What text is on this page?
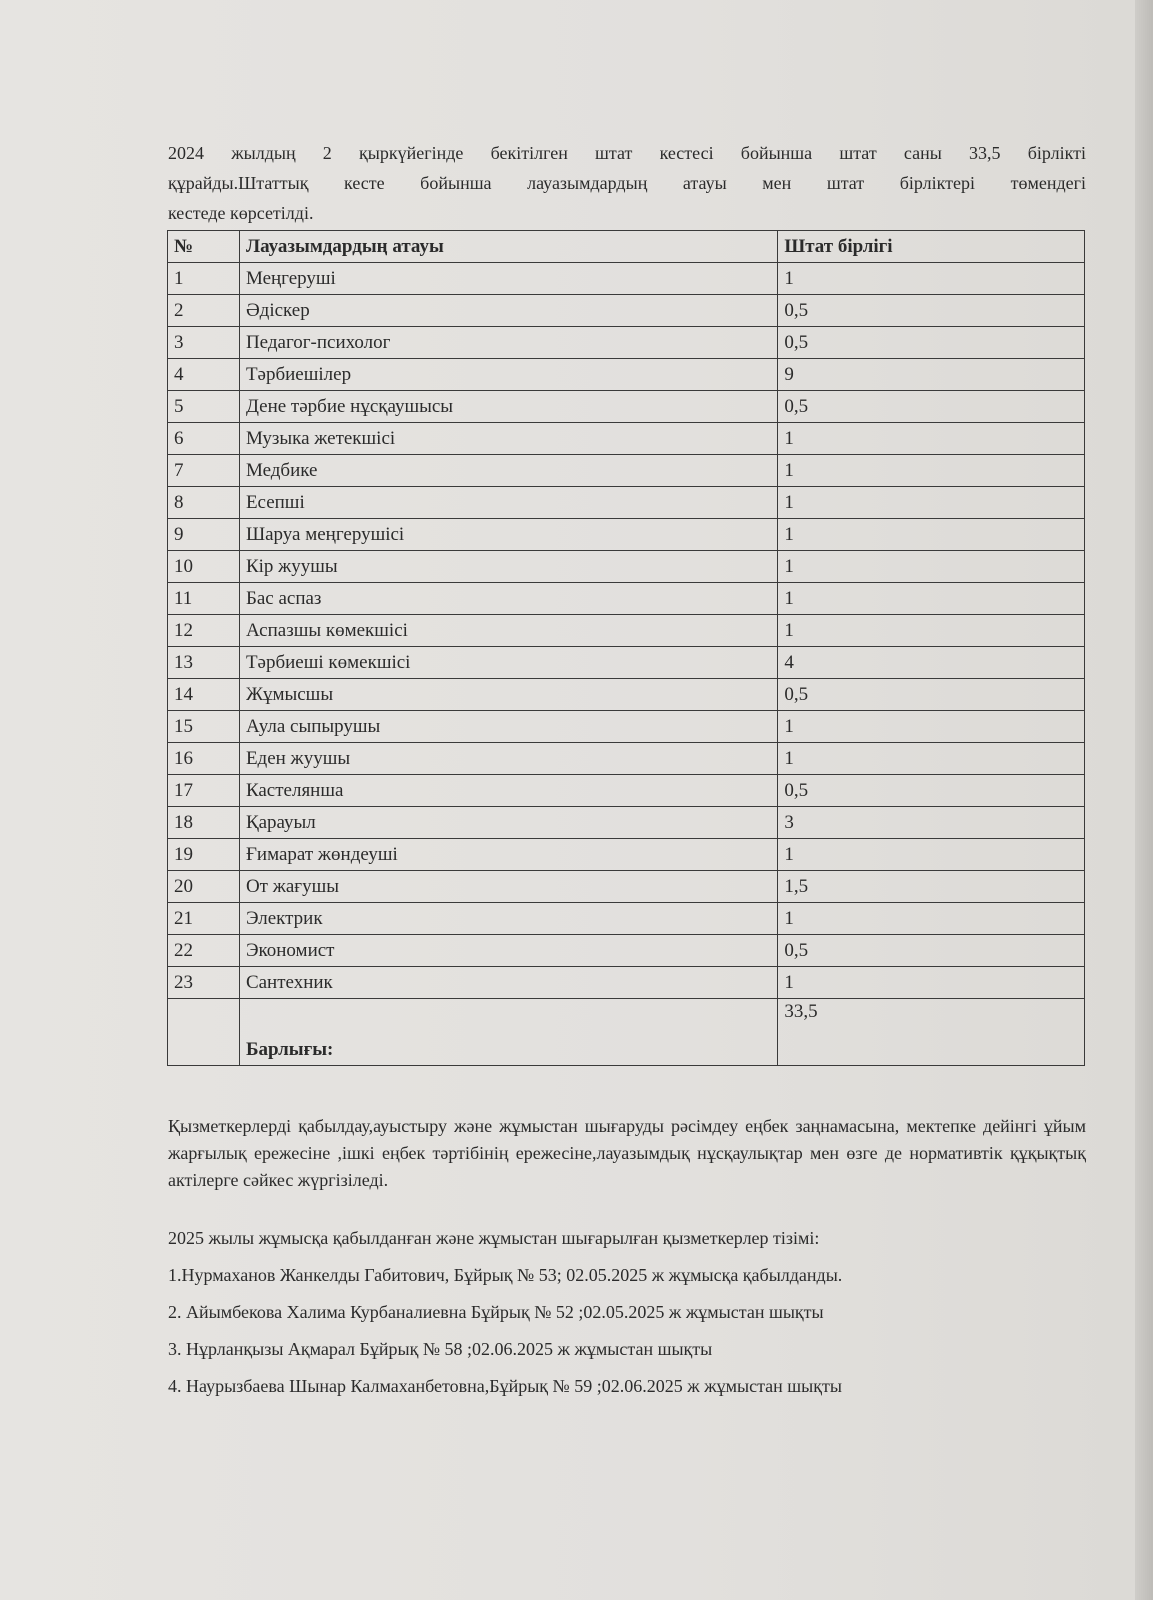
2024 жылдың 2 қыркүйегінде бекітілген штат кестесі бойынша штат саны 33,5 бірлікті

құрайды.Штаттық кесте бойынша лауазымдардың атауы мен штат бірліктері төмендегі

кестеде көрсетілді.

№	Лауазымдардың атауы	Штат бірлігі
1	Меңгеруші	1
2	Әдіскер	0,5
3	Педагог-психолог	0,5
4	Тәрбиешілер	9
5	Дене тәрбие нұсқаушысы	0,5
6	Музыка жетекшісі	1
7	Медбике	1
8	Есепші	1
9	Шаруа меңгерушісі	1
10	Кір жуушы	1
11	Бас аспаз	1
12	Аспазшы көмекшісі	1
13	Тәрбиеші көмекшісі	4
14	Жұмысшы	0,5
15	Аула сыпырушы	1
16	Еден жуушы	1
17	Кастелянша	0,5
18	Қарауыл	3
19	Ғимарат жөндеуші	1
20	От жағушы	1,5
21	Электрик	1
22	Экономист	0,5
23	Сантехник	1
	Барлығы:	33,5

Қызметкерлерді қабылдау,ауыстыру және жұмыстан шығаруды рәсімдеу еңбек заңнамасына, мектепке дейінгі ұйым жарғылық ережесіне ,ішкі еңбек тәртібінің ережесіне,лауазымдық нұсқаулықтар мен өзге де нормативтік құқықтық актілерге сәйкес жүргізіледі.

2025 жылы жұмысқа қабылданған және жұмыстан шығарылған қызметкерлер тізімі:

1.Нурмаханов Жанкелды Габитович, Бұйрық № 53; 02.05.2025 ж жұмысқа қабылданды.

2. Айымбекова Халима Курбаналиевна Бұйрық № 52 ;02.05.2025 ж жұмыстан шықты

3. Нұрланқызы Ақмарал Бұйрық № 58 ;02.06.2025 ж жұмыстан шықты

4. Наурызбаева Шынар Калмаханбетовна,Бұйрық № 59 ;02.06.2025 ж жұмыстан шықты
